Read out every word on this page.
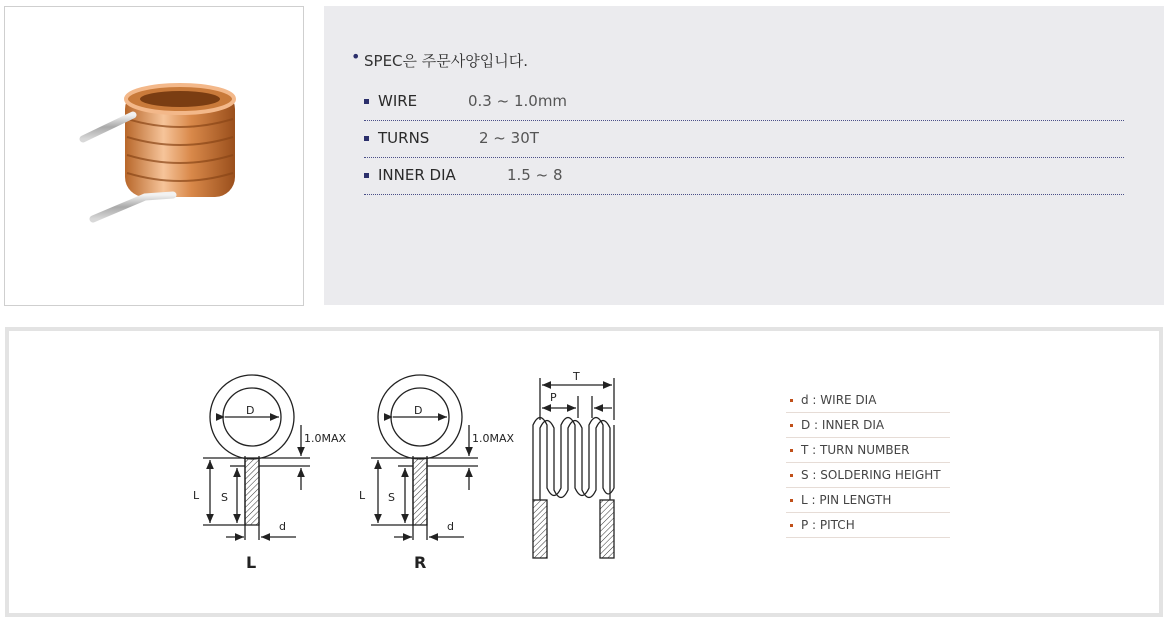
• SPEC은 주문사양입니다.
WIRE	0.3 ~ 1.0mm
TURNS	2 ~ 30T
INNER DIA	1.5 ~ 8
D
1.0MAX
L S
d
L
D
1.0MAX
L S
d
R
T
P	d : WIRE DIA
D : INNER DIA
T : TURN NUMBER
S : SOLDERING HEIGHT
L : PIN LENGTH
P : PITCH
